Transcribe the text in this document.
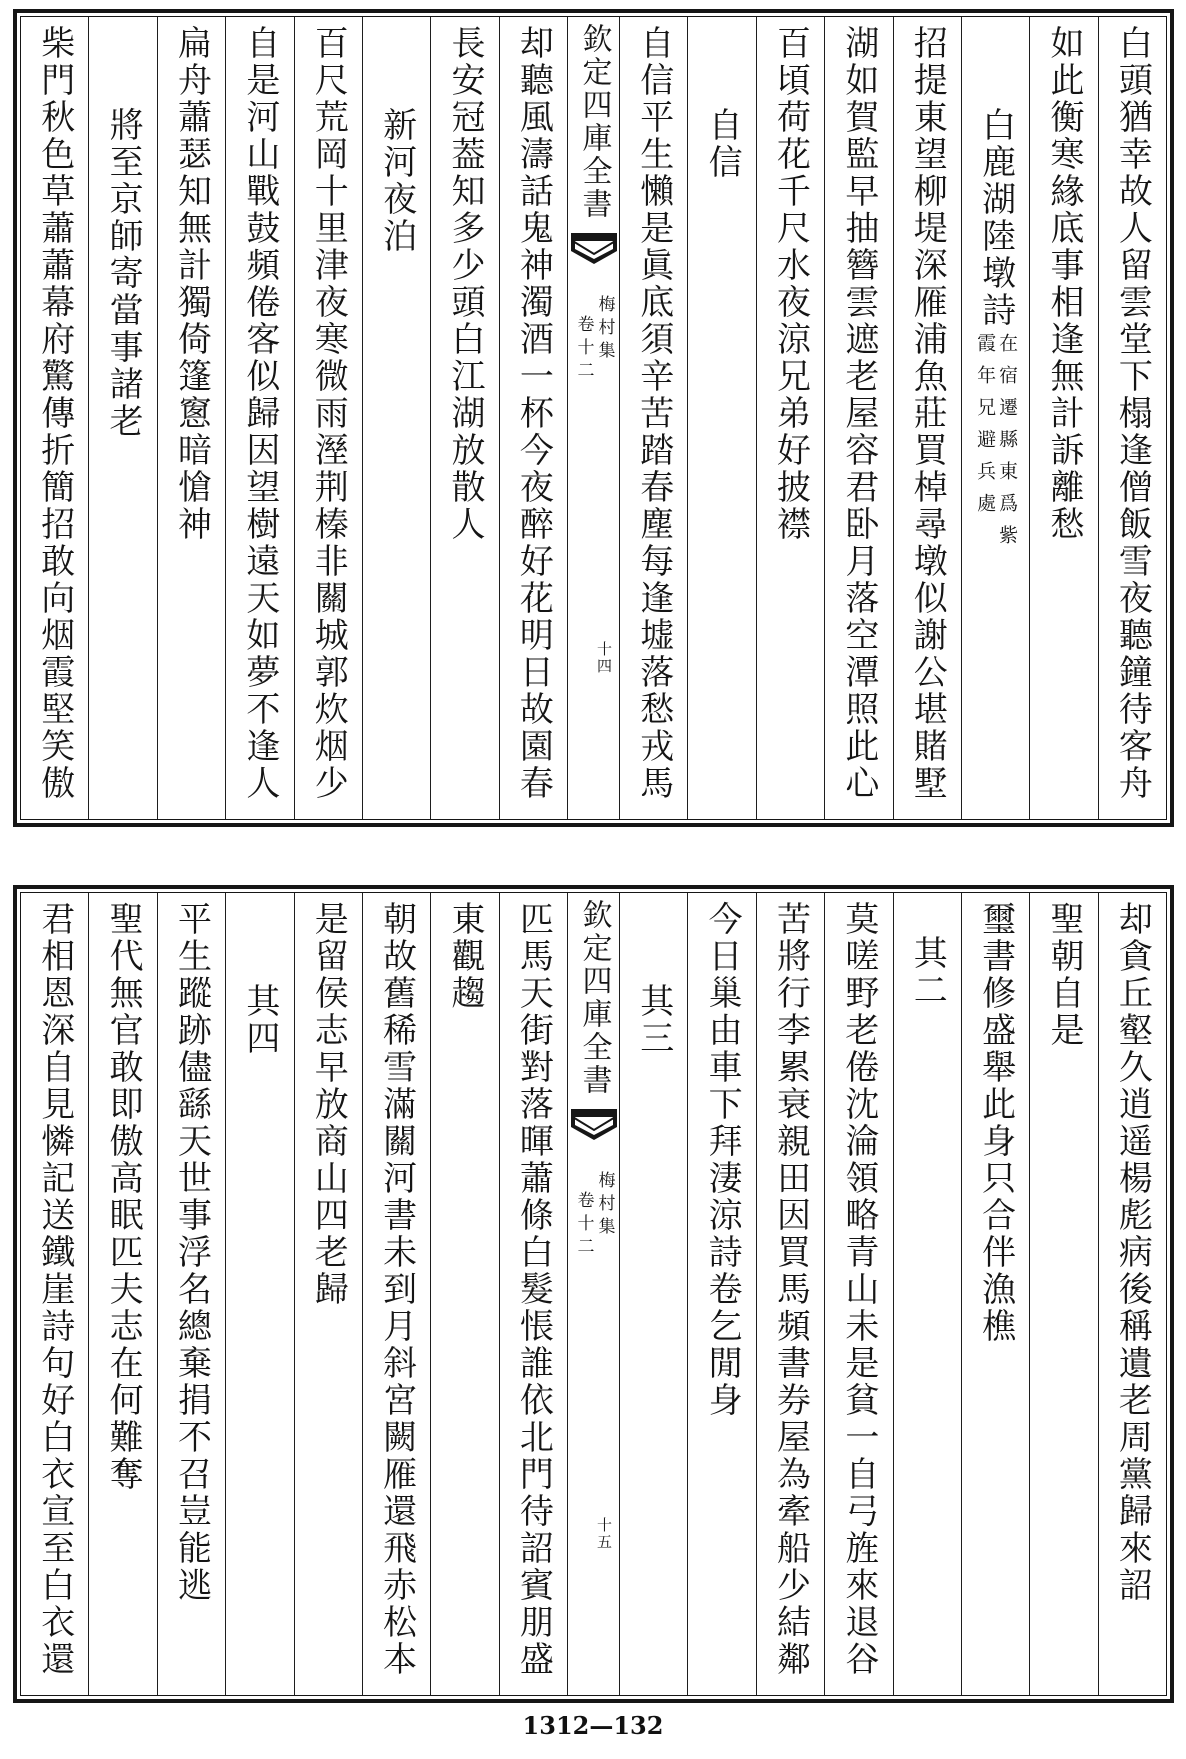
白頭猶幸故人留雲堂下榻逢僧飯雪夜聽鐘待客舟
如此衡寒緣底事相逢無計訴離愁
白鹿湖陸墩詩
在宿遷縣東爲紫
霞年兄避兵處
招提東望柳堤深雁浦魚莊買棹尋墩似謝公堪賭墅
湖如賀監早抽簪雲遮老屋容君卧月落空潭照此心
百頃荷花千尺水夜涼兄弟好披襟
自信
自信平生懶是眞底須辛苦踏春塵每逢墟落愁戎馬
欽定四庫全書
梅村集
卷十二
十四
却聽風濤話鬼神濁酒一杯今夜醉好花明日故園春
長安冠葢知多少頭白江湖放散人
新河夜泊
百尺荒岡十里津夜寒微雨溼荆榛非關城郭炊烟少
自是河山戰鼓頻倦客似歸因望樹遠天如夢不逢人
扁舟蕭瑟知無計獨倚篷窻暗愴神
將至京師寄當事諸老
柴門秋色草蕭蕭幕府驚傳折簡招敢向烟霞堅笑傲
却貪丘壑久逍遥楊彪病後稱遺老周黨歸來詔
聖朝自是
璽書修盛舉此身只合伴漁樵
其二
莫嗟野老倦沈淪領略青山未是貧一自弓旌來退谷
苦將行李累衰親田因買馬頻書券屋為牽船少結鄰
今日巢由車下拜淒涼詩卷乞閒身
其三
欽定四庫全書
梅村集
卷十二
十五
匹馬天街對落暉蕭條白髮悵誰依北門待詔賓朋盛
東觀趨
朝故舊稀雪滿關河書未到月斜宮闕雁還飛赤松本
是留侯志早放商山四老歸
其四
平生蹤跡儘繇天世事浮名總棄捐不召豈能逃
聖代無官敢即傲高眠匹夫志在何難奪
君相恩深自見憐記送鐵崖詩句好白衣宣至白衣還
1312—132
